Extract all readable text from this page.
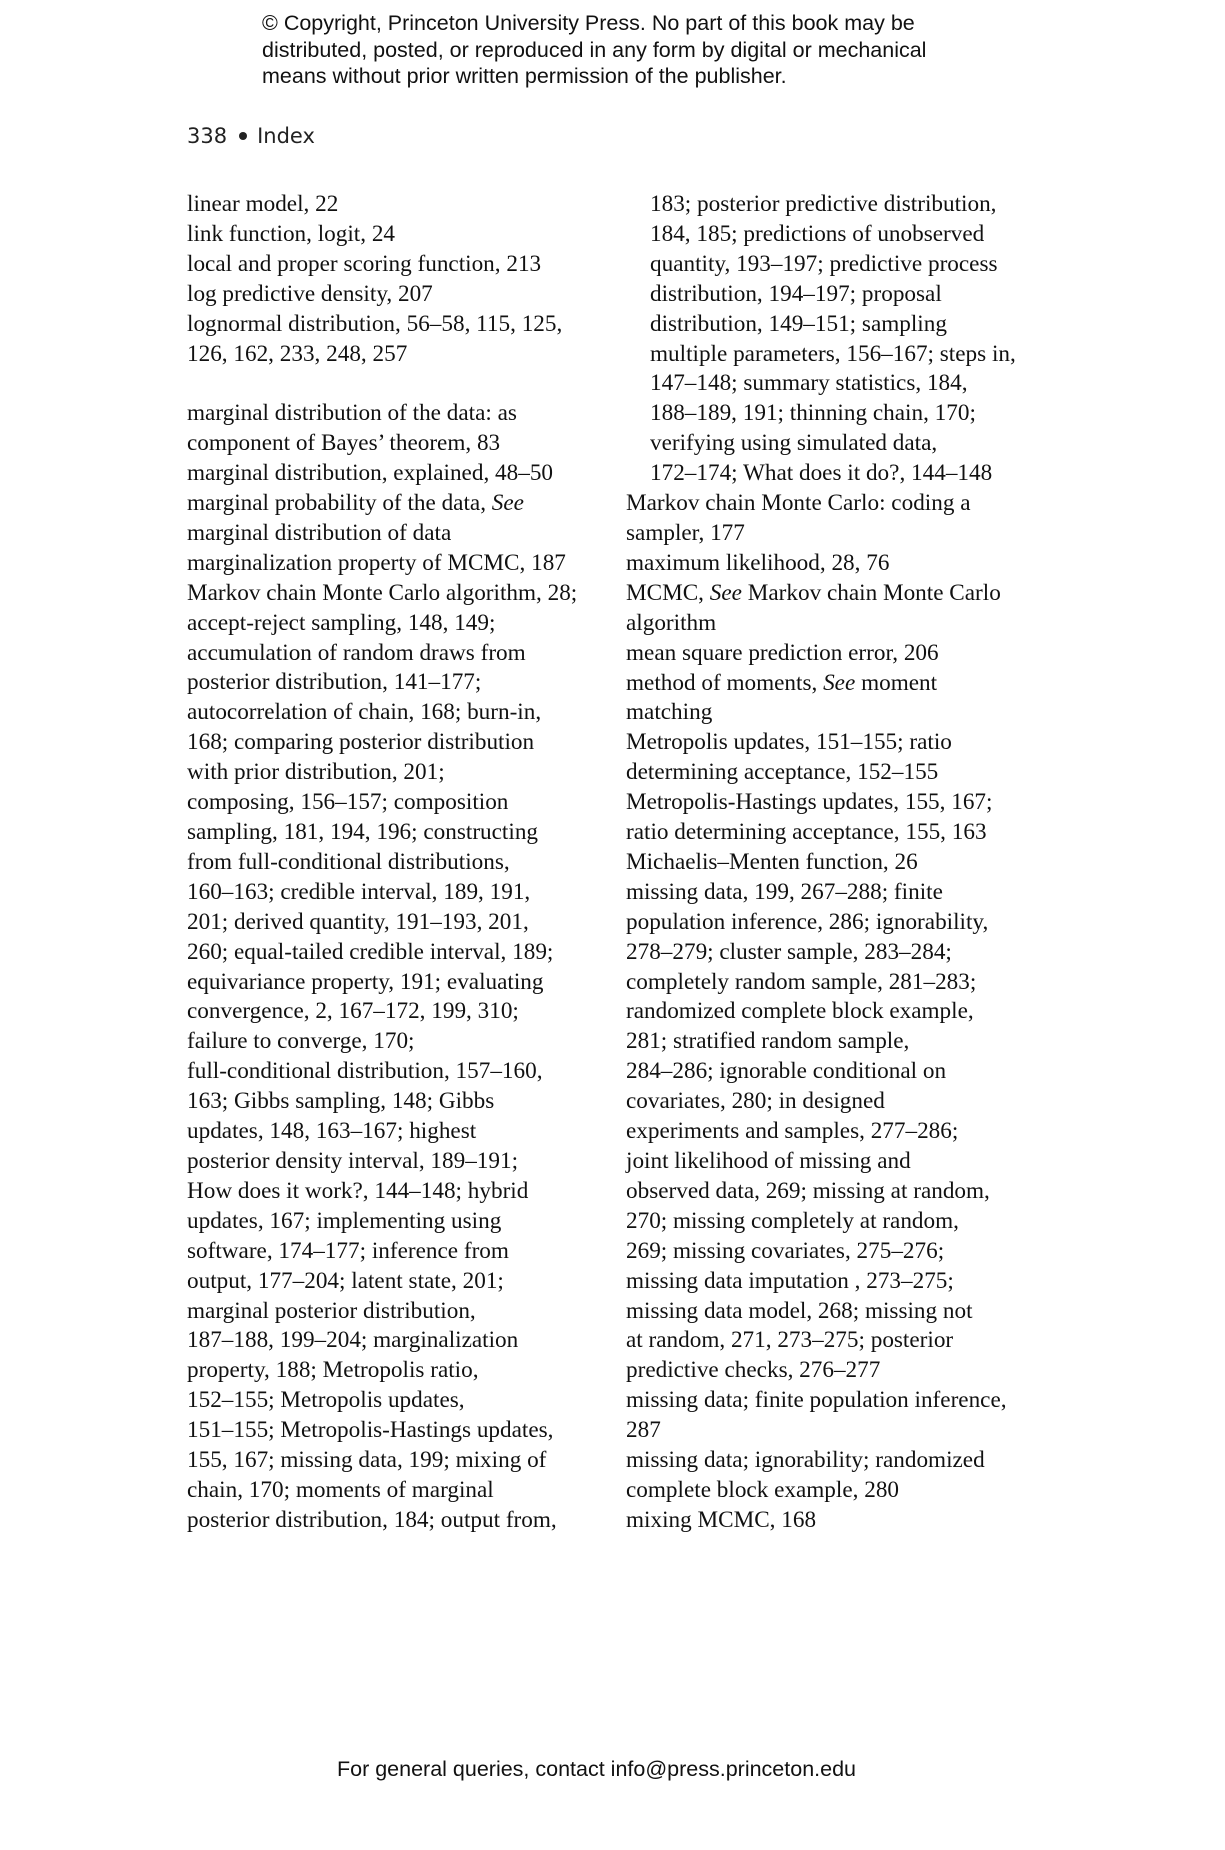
© Copyright, Princeton University Press. No part of this book may be
distributed, posted, or reproduced in any form by digital or mechanical
means without prior written permission of the publisher.
338 Index
linear model, 22
link function, logit, 24
local and proper scoring function, 213
log predictive density, 207
lognormal distribution, 56–58, 115, 125,
126, 162, 233, 248, 257
marginal distribution of the data: as
component of Bayes’ theorem, 83
marginal distribution, explained, 48–50
marginal probability of the data, See
marginal distribution of data
marginalization property of MCMC, 187
Markov chain Monte Carlo algorithm, 28;
accept-reject sampling, 148, 149;
accumulation of random draws from
posterior distribution, 141–177;
autocorrelation of chain, 168; burn-in,
168; comparing posterior distribution
with prior distribution, 201;
composing, 156–157; composition
sampling, 181, 194, 196; constructing
from full-conditional distributions,
160–163; credible interval, 189, 191,
201; derived quantity, 191–193, 201,
260; equal-tailed credible interval, 189;
equivariance property, 191; evaluating
convergence, 2, 167–172, 199, 310;
failure to converge, 170;
full-conditional distribution, 157–160,
163; Gibbs sampling, 148; Gibbs
updates, 148, 163–167; highest
posterior density interval, 189–191;
How does it work?, 144–148; hybrid
updates, 167; implementing using
software, 174–177; inference from
output, 177–204; latent state, 201;
marginal posterior distribution,
187–188, 199–204; marginalization
property, 188; Metropolis ratio,
152–155; Metropolis updates,
151–155; Metropolis-Hastings updates,
155, 167; missing data, 199; mixing of
chain, 170; moments of marginal
posterior distribution, 184; output from,
183; posterior predictive distribution,
184, 185; predictions of unobserved
quantity, 193–197; predictive process
distribution, 194–197; proposal
distribution, 149–151; sampling
multiple parameters, 156–167; steps in,
147–148; summary statistics, 184,
188–189, 191; thinning chain, 170;
verifying using simulated data,
172–174; What does it do?, 144–148
Markov chain Monte Carlo: coding a
sampler, 177
maximum likelihood, 28, 76
MCMC, See Markov chain Monte Carlo
algorithm
mean square prediction error, 206
method of moments, See moment
matching
Metropolis updates, 151–155; ratio
determining acceptance, 152–155
Metropolis-Hastings updates, 155, 167;
ratio determining acceptance, 155, 163
Michaelis–Menten function, 26
missing data, 199, 267–288; finite
population inference, 286; ignorability,
278–279; cluster sample, 283–284;
completely random sample, 281–283;
randomized complete block example,
281; stratified random sample,
284–286; ignorable conditional on
covariates, 280; in designed
experiments and samples, 277–286;
joint likelihood of missing and
observed data, 269; missing at random,
270; missing completely at random,
269; missing covariates, 275–276;
missing data imputation , 273–275;
missing data model, 268; missing not
at random, 271, 273–275; posterior
predictive checks, 276–277
missing data; finite population inference,
287
missing data; ignorability; randomized
complete block example, 280
mixing MCMC, 168
For general queries, contact info@press.princeton.edu
